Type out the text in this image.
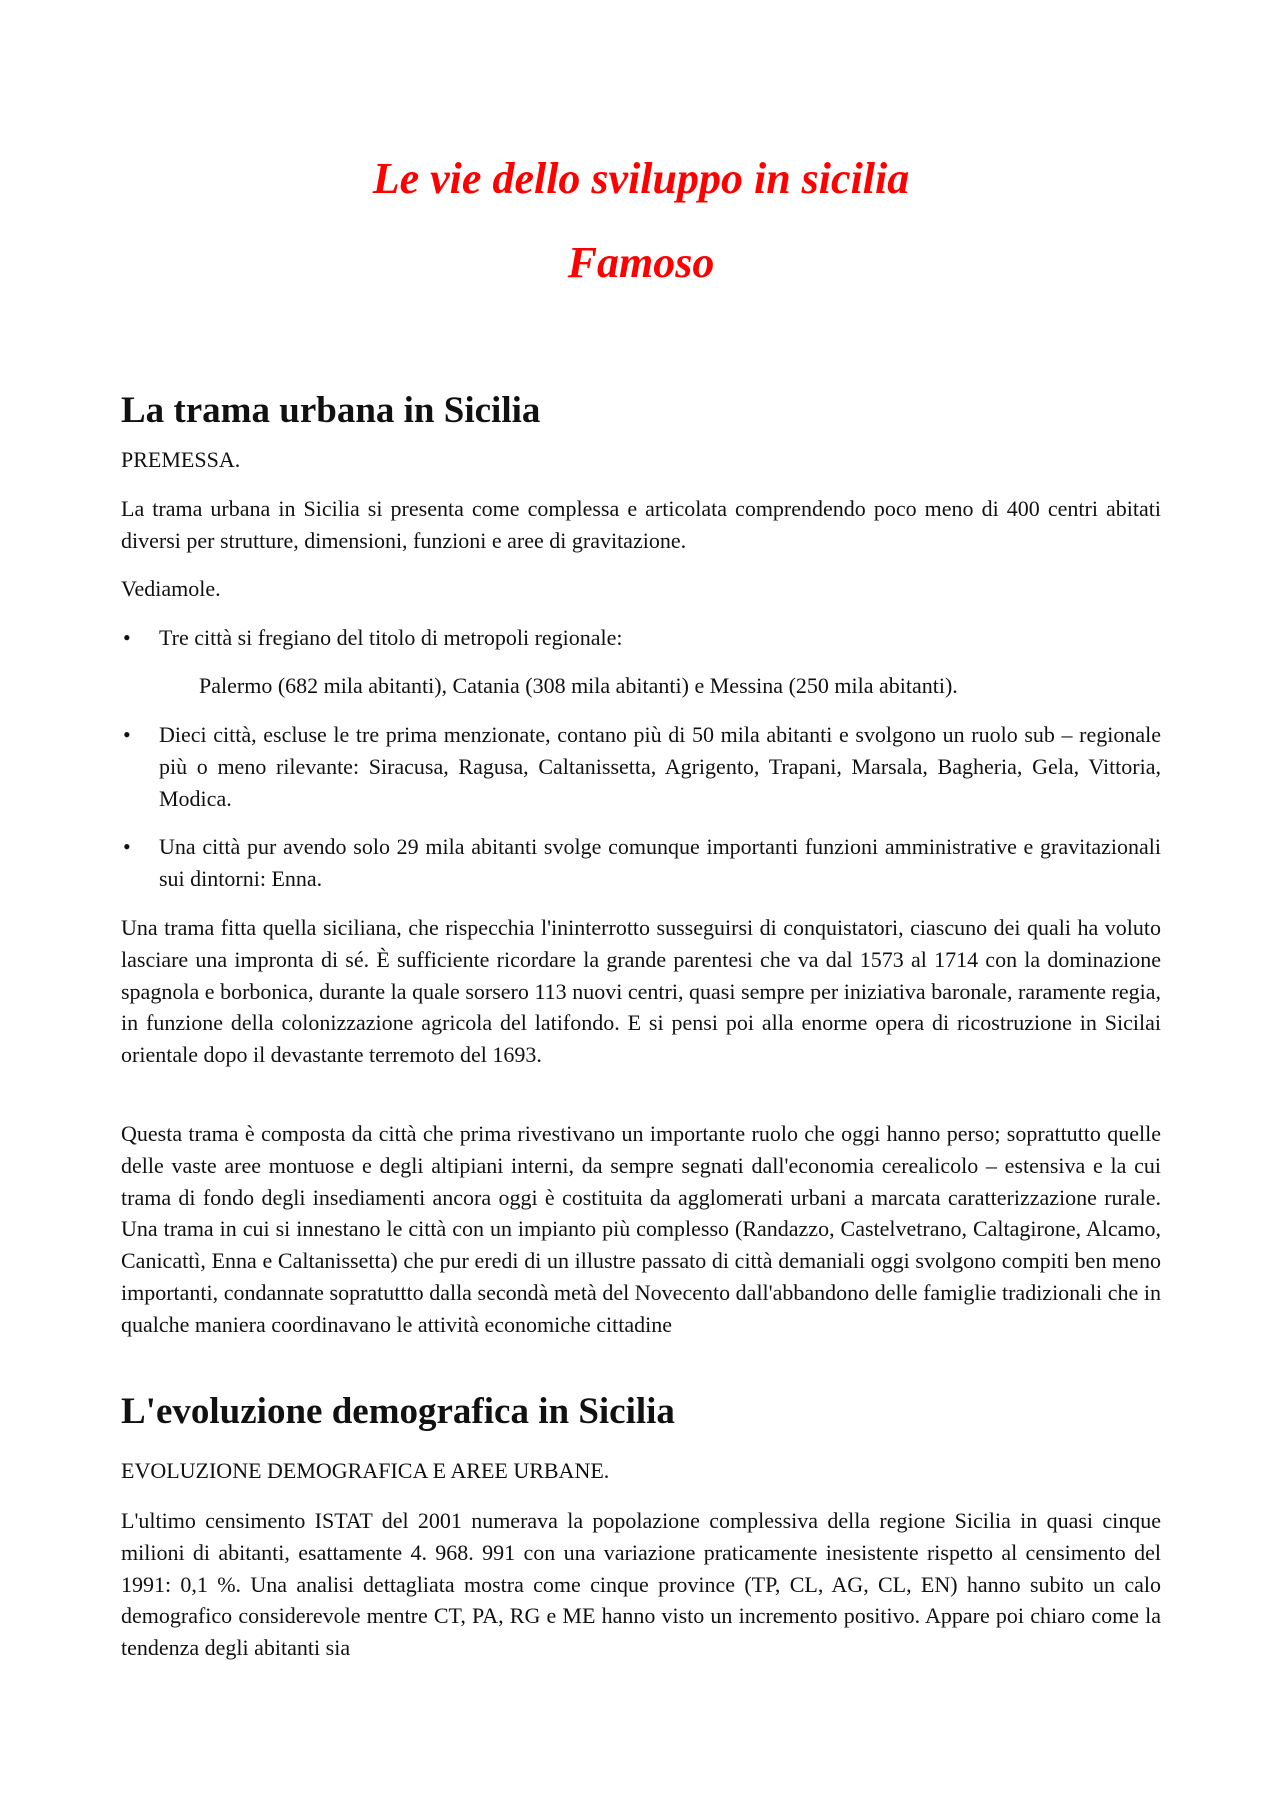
Le vie dello sviluppo in sicilia
Famoso
La trama urbana in Sicilia

PREMESSA.

La trama urbana in Sicilia si presenta come complessa e articolata comprendendo poco meno di 400 centri abitati diversi per strutture, dimensioni, funzioni e aree di gravitazione.

Vediamole.

•	Tre città si fregiano del titolo di metropoli regionale:
Palermo (682 mila abitanti), Catania (308 mila abitanti) e Messina (250 mila abitanti).
•	Dieci città, escluse le tre prima menzionate, contano più di 50 mila abitanti e svolgono un ruolo sub – regionale più o meno rilevante: Siracusa, Ragusa, Caltanissetta, Agrigento, Trapani, Marsala, Bagheria, Gela, Vittoria, Modica.
•	Una città pur avendo solo 29 mila abitanti svolge comunque importanti funzioni amministrative e gravitazionali sui dintorni: Enna.

Una trama fitta quella siciliana, che rispecchia l'ininterrotto susseguirsi di conquistatori, ciascuno dei quali ha voluto lasciare una impronta di sé. È sufficiente ricordare la grande parentesi che va dal 1573 al 1714 con la dominazione spagnola e borbonica, durante la quale sorsero 113 nuovi centri, quasi sempre per iniziativa baronale, raramente regia, in funzione della colonizzazione agricola del latifondo. E si pensi poi alla enorme opera di ricostruzione in Sicilai orientale dopo il devastante terremoto del 1693.

Questa trama è composta da città che prima rivestivano un importante ruolo che oggi hanno perso; soprattutto quelle delle vaste aree montuose e degli altipiani interni, da sempre segnati dall'economia cerealicolo – estensiva e la cui trama di fondo degli insediamenti ancora oggi è costituita da agglomerati urbani a marcata caratterizzazione rurale. Una trama in cui si innestano le città con un impianto più complesso (Randazzo, Castelvetrano, Caltagirone, Alcamo, Canicattì, Enna e Caltanissetta) che pur eredi di un illustre passato di città demaniali oggi svolgono compiti ben meno importanti, condannate sopratuttto dalla secondà metà del Novecento dall'abbandono delle famiglie tradizionali che in qualche maniera coordinavano le attività economiche cittadine

L'evoluzione demografica in Sicilia

EVOLUZIONE DEMOGRAFICA E AREE URBANE.

L'ultimo censimento ISTAT del 2001 numerava la popolazione complessiva della regione Sicilia in quasi cinque milioni di abitanti, esattamente 4. 968. 991 con una variazione praticamente inesistente rispetto al censimento del 1991: 0,1 %. Una analisi dettagliata mostra come cinque province (TP, CL, AG, CL, EN) hanno subito un calo demografico considerevole mentre CT, PA, RG e ME hanno visto un incremento positivo. Appare poi chiaro come la tendenza degli abitanti sia
